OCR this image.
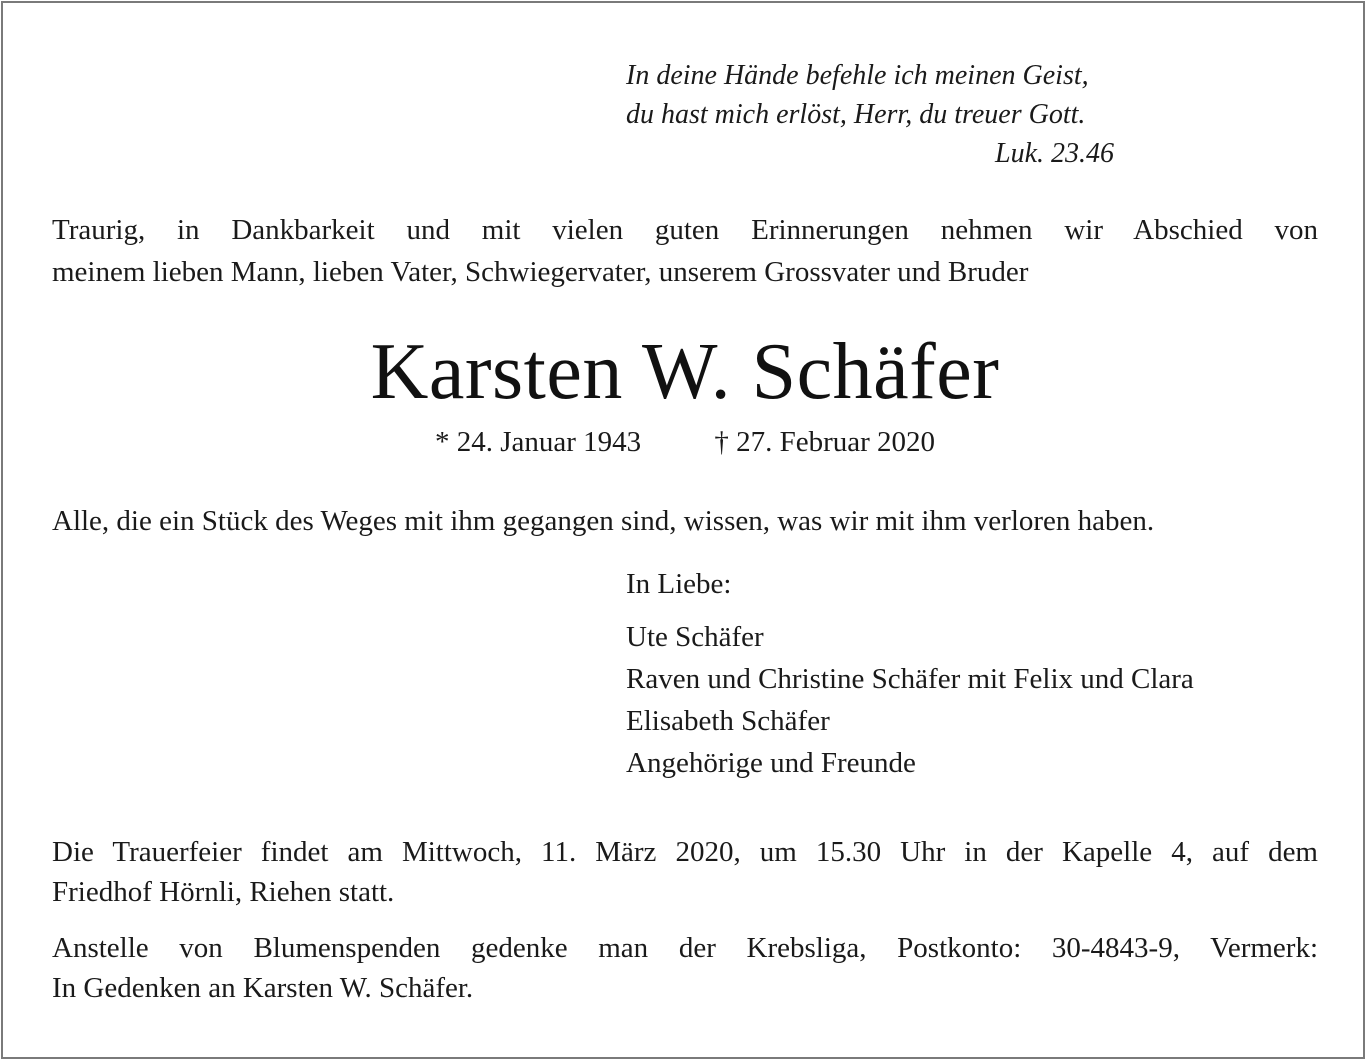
In deine Hände befehle ich meinen Geist,
du hast mich erlöst, Herr, du treuer Gott.
Luk. 23.46
Traurig, in Dankbarkeit und mit vielen guten Erinnerungen nehmen wir Abschied von
meinem lieben Mann, lieben Vater, Schwiegervater, unserem Grossvater und Bruder
Karsten W. Schäfer
* 24. Januar 1943	† 27. Februar 2020
Alle, die ein Stück des Weges mit ihm gegangen sind, wissen, was wir mit ihm verloren haben.
In Liebe:
Ute Schäfer
Raven und Christine Schäfer mit Felix und Clara
Elisabeth Schäfer
Angehörige und Freunde
Die Trauerfeier findet am Mittwoch, 11. März 2020, um 15.30 Uhr in der Kapelle 4, auf dem
Friedhof Hörnli, Riehen statt.
Anstelle von Blumenspenden gedenke man der Krebsliga, Postkonto: 30-4843-9, Vermerk:
In Gedenken an Karsten W. Schäfer.
